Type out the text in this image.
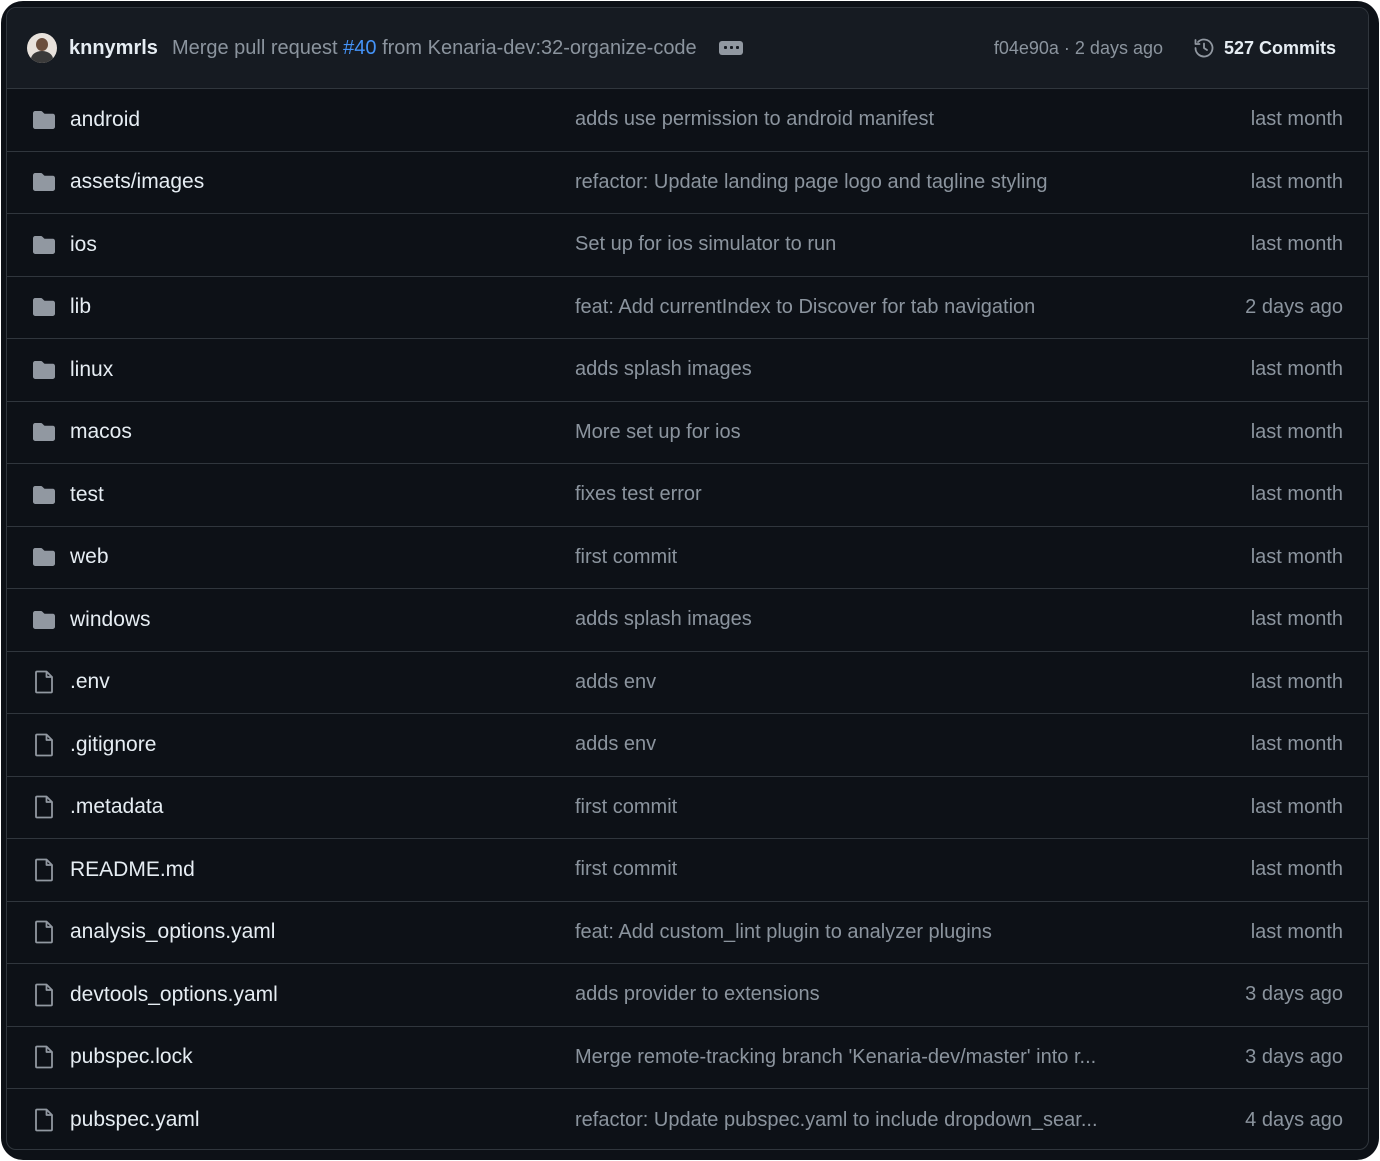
knnymrls Merge pull request #40 from Kenaria-dev:32-organize-code	f04e90a · 2 days ago	527 Commits
android	adds use permission to android manifest	last month
assets/images	refactor: Update landing page logo and tagline styling	last month
ios	Set up for ios simulator to run	last month
lib	feat: Add currentIndex to Discover for tab navigation	2 days ago
linux	adds splash images	last month
macos	More set up for ios	last month
test	fixes test error	last month
web	first commit	last month
windows	adds splash images	last month
.env	adds env	last month
.gitignore	adds env	last month
.metadata	first commit	last month
README.md	first commit	last month
analysis_options.yaml	feat: Add custom_lint plugin to analyzer plugins	last month
devtools_options.yaml	adds provider to extensions	3 days ago
pubspec.lock	Merge remote-tracking branch 'Kenaria-dev/master' into r...	3 days ago
pubspec.yaml	refactor: Update pubspec.yaml to include dropdown_sear...	4 days ago
